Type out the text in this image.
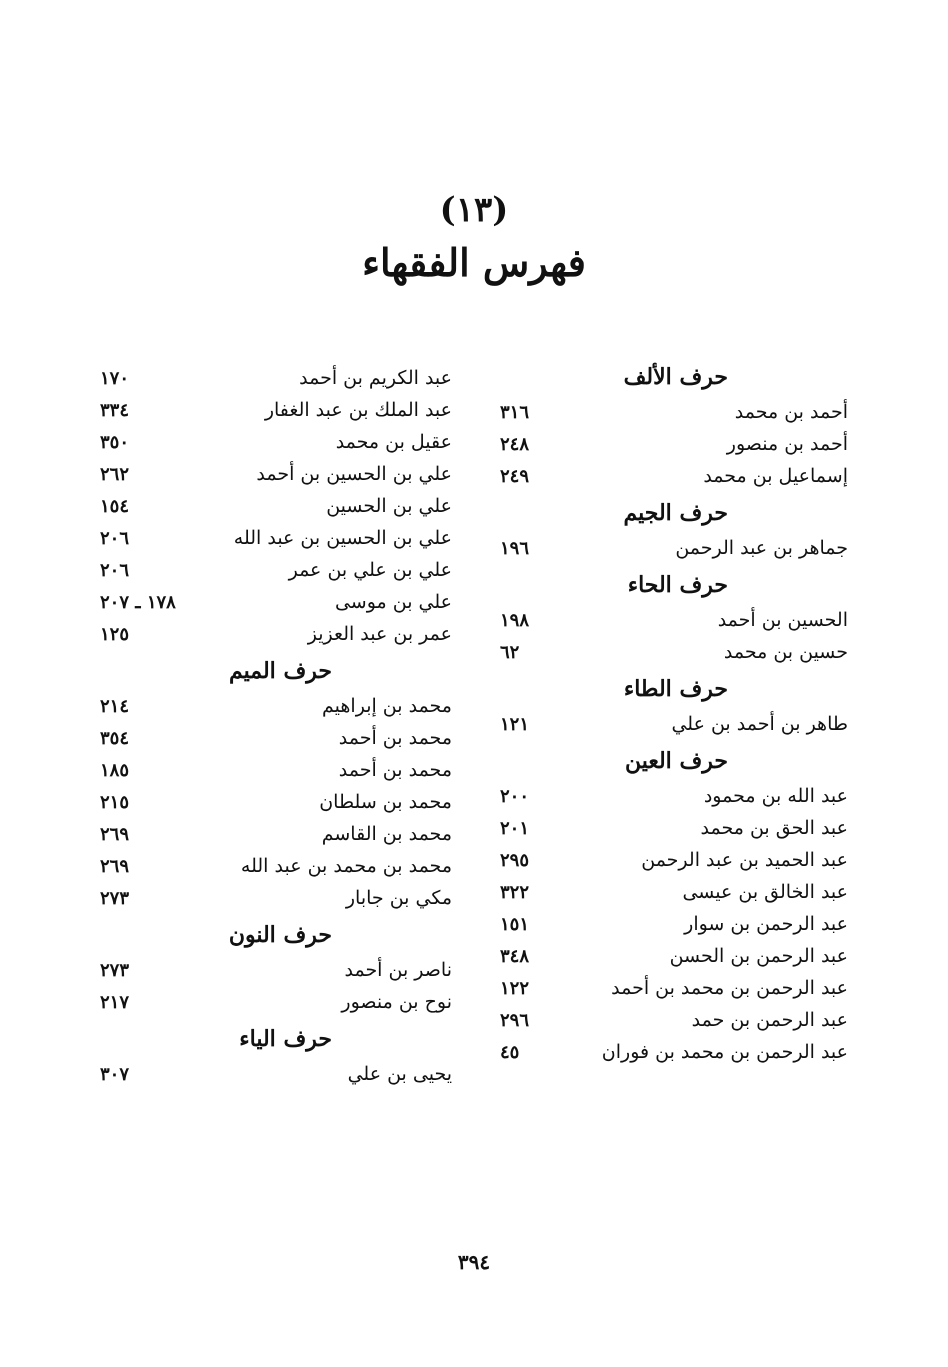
(١٣)
فهرس الفقهاء
حرف الألف
٣١٦	أحمد بن محمد
٢٤٨	أحمد بن منصور
٢٤٩	إسماعيل بن محمد
حرف الجيم
١٩٦	جماهر بن عبد الرحمن
حرف الحاء
١٩٨	الحسين بن أحمد
٦٢	حسين بن محمد
حرف الطاء
١٢١	طاهر بن أحمد بن علي
حرف العين
٢٠٠	عبد الله بن محمود
٢٠١	عبد الحق بن محمد
٢٩٥	عبد الحميد بن عبد الرحمن
٣٢٢	عبد الخالق بن عيسى
١٥١	عبد الرحمن بن سوار
٣٤٨	عبد الرحمن بن الحسن
١٢٢	عبد الرحمن بن محمد بن أحمد
٢٩٦	عبد الرحمن بن حمد
٤٥	عبد الرحمن بن محمد بن فوران
١٧٠	عبد الكريم بن أحمد
٣٣٤	عبد الملك بن عبد الغفار
٣٥٠	عقيل بن محمد
٢٦٢	علي بن الحسين بن أحمد
١٥٤	علي بن الحسين
٢٠٦	علي بن الحسين بن عبد الله
٢٠٦	علي بن علي بن عمر
١٧٨ ـ ٢٠٧	علي بن موسى
١٢٥	عمر بن عبد العزيز
حرف الميم
٢١٤	محمد بن إبراهيم
٣٥٤	محمد بن أحمد
١٨٥	محمد بن أحمد
٢١٥	محمد بن سلطان
٢٦٩	محمد بن القاسم
٢٦٩	محمد بن محمد بن عبد الله
٢٧٣	مكي بن جابار
حرف النون
٢٧٣	ناصر بن أحمد
٢١٧	نوح بن منصور
حرف الياء
٣٠٧	يحيى بن علي
٣٩٤
